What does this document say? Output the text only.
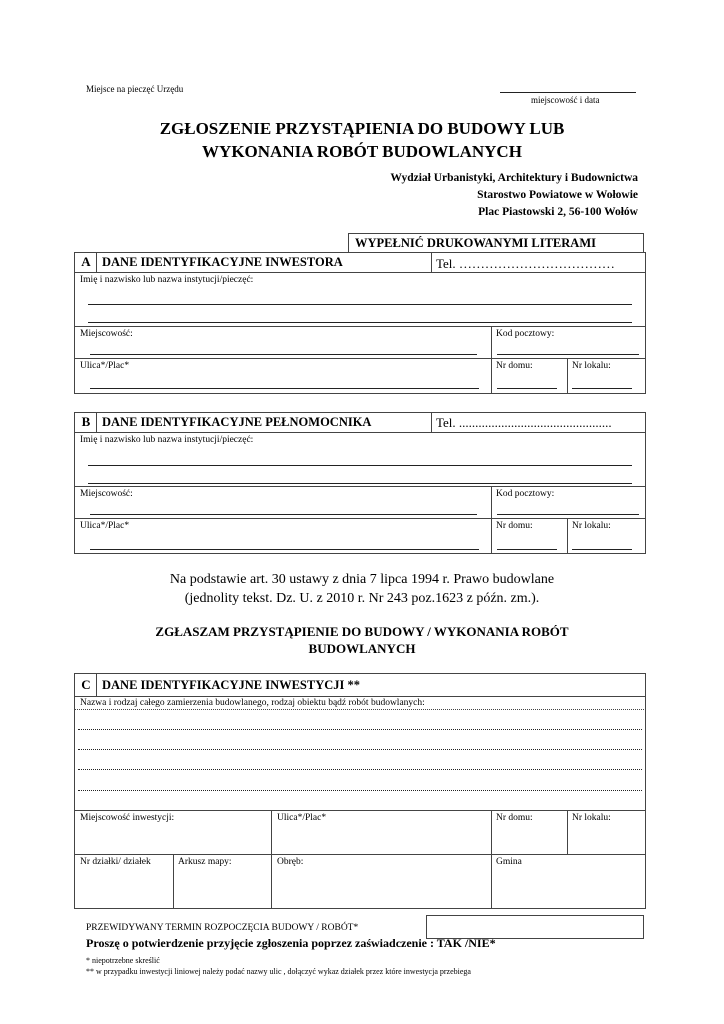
Miejsce na pieczęć Urzędu
miejscowość i data
ZGŁOSZENIE PRZYSTĄPIENIA DO BUDOWY LUB
WYKONANIA ROBÓT BUDOWLANYCH
Wydział Urbanistyki, Architektury i Budownictwa
Starostwo Powiatowe w Wołowie
Plac Piastowski 2, 56-100 Wołów
WYPEŁNIĆ DRUKOWANYMI LITERAMI
A DANE IDENTYFIKACYJNE INWESTORA	Tel. ………………………………
Imię i nazwisko lub nazwa instytucji/pieczęć:
Miejscowość:	Kod pocztowy:
Ulica*/Plac*	Nr domu:	Nr lokalu:
B DANE IDENTYFIKACYJNE PEŁNOMOCNIKA	Tel. ...............................................
Imię i nazwisko lub nazwa instytucji/pieczęć:
Miejscowość:	Kod pocztowy:
Ulica*/Plac*	Nr domu:	Nr lokalu:
Na podstawie art. 30 ustawy z dnia 7 lipca 1994 r. Prawo budowlane
(jednolity tekst. Dz. U. z 2010 r. Nr 243 poz.1623 z późn. zm.).
ZGŁASZAM PRZYSTĄPIENIE DO BUDOWY / WYKONANIA ROBÓT
BUDOWLANYCH
C DANE IDENTYFIKACYJNE INWESTYCJI **
Nazwa i rodzaj całego zamierzenia budowlanego, rodzaj obiektu bądź robót budowlanych:
Miejscowość inwestycji:	Ulica*/Plac*	Nr domu:	Nr lokalu:
Nr działki/ działek	Arkusz mapy:	Obręb:	Gmina
PRZEWIDYWANY TERMIN ROZPOCZĘCIA BUDOWY / ROBÓT*
Proszę o potwierdzenie przyjęcie zgłoszenia poprzez zaświadczenie : TAK /NIE*
* niepotrzebne skreślić
** w przypadku inwestycji liniowej należy podać nazwy ulic , dołączyć wykaz działek przez które inwestycja przebiega
